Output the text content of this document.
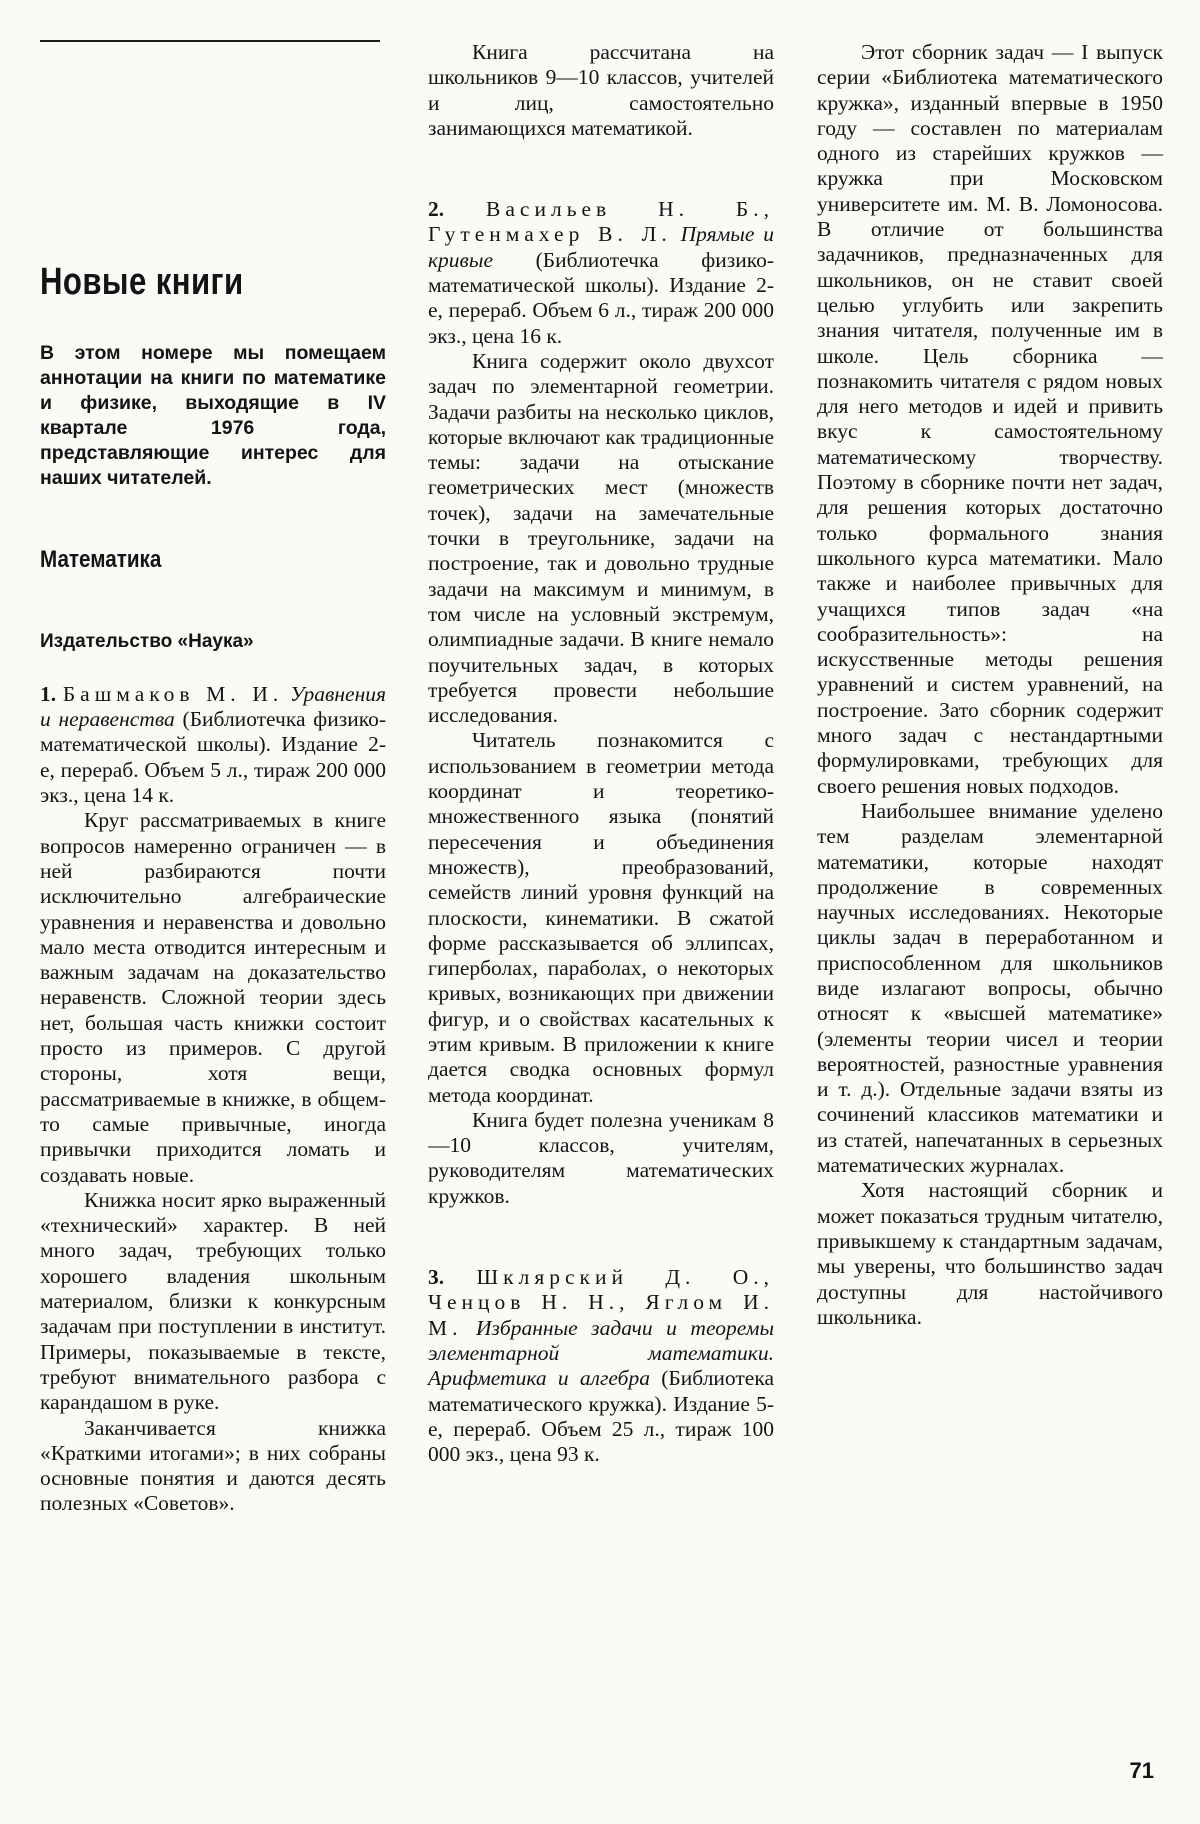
Новые книги
В этом номере мы помещаем аннотации на книги по математике и физике, выходящие в IV квартале 1976 года, представляющие интерес для наших читателей.
Математика
Издательство «Наука»

1. Башмаков М. И. Уравнения и неравенства (Библиотечка физико-математической школы). Издание 2-е, перераб. Объем 5 л., тираж 200 000 экз., цена 14 к.

Круг рассматриваемых в книге вопросов намеренно ограничен — в ней разбираются почти исключительно алгебраические уравнения и неравенства и довольно мало места отводится интересным и важным задачам на доказательство неравенств. Сложной теории здесь нет, большая часть книжки состоит просто из примеров. С другой стороны, хотя вещи, рассматриваемые в книжке, в общем-то самые привычные, иногда привычки приходится ломать и создавать новые.

Книжка носит ярко выраженный «технический» характер. В ней много задач, требующих только хорошего владения школьным материалом, близки к конкурсным задачам при поступлении в институт. Примеры, показываемые в тексте, требуют внимательного разбора с карандашом в руке.

Заканчивается книжка «Краткими итогами»; в них собраны основные понятия и даются десять полезных «Советов».

Книга рассчитана на школьников 9—10 классов, учителей и лиц, самостоятельно занимающихся математикой.

2. Васильев Н. Б., Гутенмахер В. Л. Прямые и кривые (Библиотечка физико-математической школы). Издание 2-е, перераб. Объем 6 л., тираж 200 000 экз., цена 16 к.

Книга содержит около двухсот задач по элементарной геометрии. Задачи разбиты на несколько циклов, которые включают как традиционные темы: задачи на отыскание геометрических мест (множеств точек), задачи на замечательные точки в треугольнике, задачи на построение, так и довольно трудные задачи на максимум и минимум, в том числе на условный экстремум, олимпиадные задачи. В книге немало поучительных задач, в которых требуется провести небольшие исследования.

Читатель познакомится с использованием в геометрии метода координат и теоретико-множественного языка (понятий пересечения и объединения множеств), преобразований, семейств линий уровня функций на плоскости, кинематики. В сжатой форме рассказывается об эллипсах, гиперболах, параболах, о некоторых кривых, возникающих при движении фигур, и о свойствах касательных к этим кривым. В приложении к книге дается сводка основных формул метода координат.

Книга будет полезна ученикам 8—10 классов, учителям, руководителям математических кружков.

3. Шклярский Д. О., Ченцов Н. Н., Яглом И. М. Избранные задачи и теоремы элементарной математики. Арифметика и алгебра (Библиотека математического кружка). Издание 5-е, перераб. Объем 25 л., тираж 100 000 экз., цена 93 к.

Этот сборник задач — I выпуск серии «Библиотека математического кружка», изданный впервые в 1950 году — составлен по материалам одного из старейших кружков — кружка при Московском университете им. М. В. Ломоносова. В отличие от большинства задачников, предназначенных для школьников, он не ставит своей целью углубить или закрепить знания читателя, полученные им в школе. Цель сборника — познакомить читателя с рядом новых для него методов и идей и привить вкус к самостоятельному математическому творчеству. Поэтому в сборнике почти нет задач, для решения которых достаточно только формального знания школьного курса математики. Мало также и наиболее привычных для учащихся типов задач «на сообразительность»: на искусственные методы решения уравнений и систем уравнений, на построение. Зато сборник содержит много задач с нестандартными формулировками, требующих для своего решения новых подходов.

Наибольшее внимание уделено тем разделам элементарной математики, которые находят продолжение в современных научных исследованиях. Некоторые циклы задач в переработанном и приспособленном для школьников виде излагают вопросы, обычно относят к «высшей математике» (элементы теории чисел и теории вероятностей, разностные уравнения и т. д.). Отдельные задачи взяты из сочинений классиков математики и из статей, напечатанных в серьезных математических журналах.

Хотя настоящий сборник и может показаться трудным читателю, привыкшему к стандартным задачам, мы уверены, что большинство задач доступны для настойчивого школьника.

71
